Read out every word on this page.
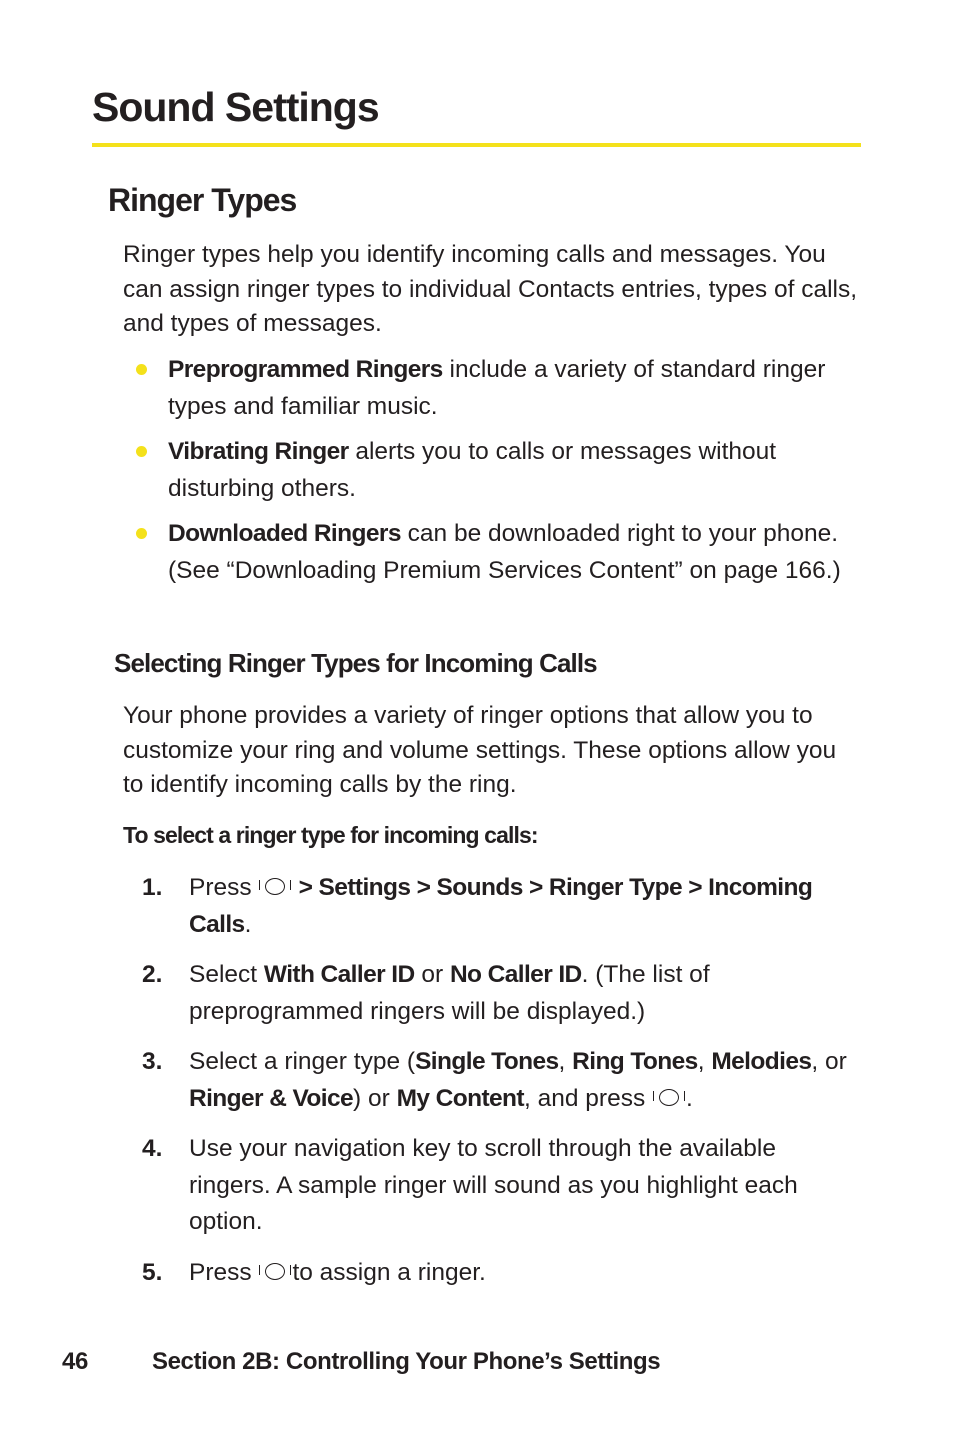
Sound Settings
Ringer Types

Ringer types help you identify incoming calls and messages. You can assign ringer types to individual Contacts entries, types of calls, and types of messages.

Preprogrammed Ringers include a variety of standard ringer types and familiar music.
Vibrating Ringer alerts you to calls or messages without disturbing others.
Downloaded Ringers can be downloaded right to your phone. (See “Downloading Premium Services Content” on page 166.)
Selecting Ringer Types for Incoming Calls

Your phone provides a variety of ringer options that allow you to customize your ring and volume settings. These options allow you to identify incoming calls by the ring.

To select a ringer type for incoming calls:

1. Press  > Settings > Sounds > Ringer Type > Incoming Calls.
2. Select With Caller ID or No Caller ID. (The list of preprogrammed ringers will be displayed.)
3. Select a ringer type (Single Tones, Ring Tones, Melodies, or Ringer & Voice) or My Content, and press .
4. Use your navigation key to scroll through the available ringers. A sample ringer will sound as you highlight each option.
5. Press to assign a ringer.
46	Section 2B: Controlling Your Phone’s Settings
